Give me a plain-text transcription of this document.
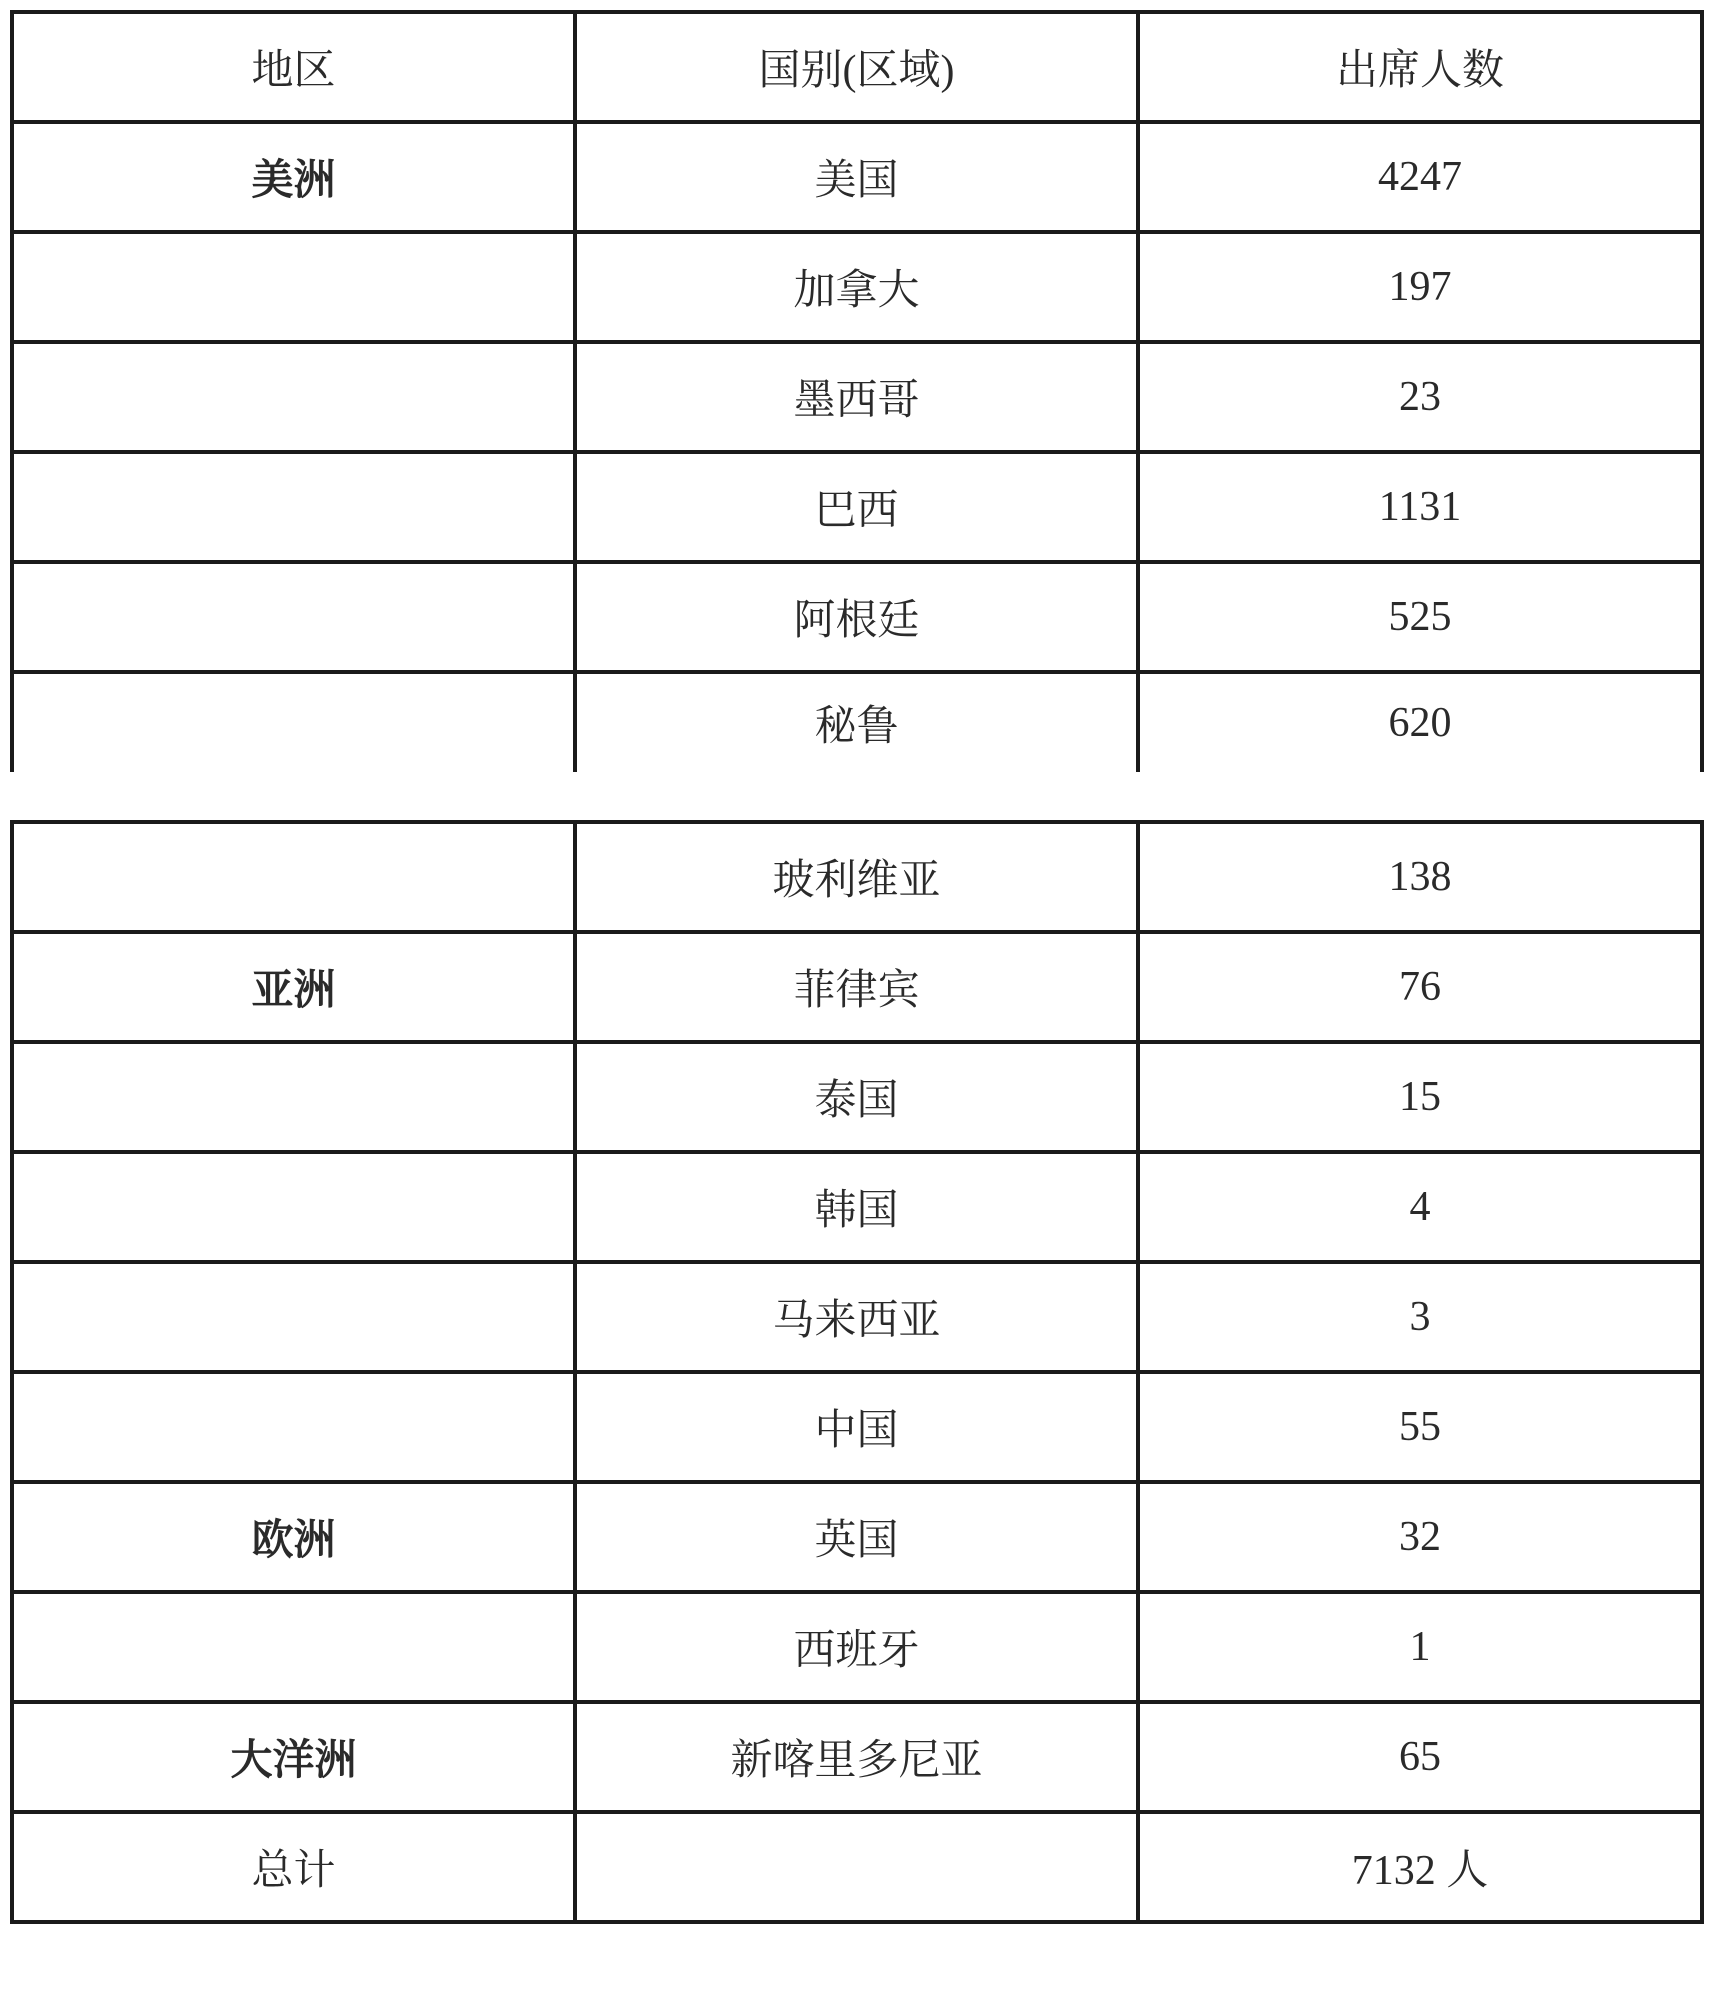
地区	国别(区域)	出席人数
美洲	美国	4247
	加拿大	197
	墨西哥	23
	巴西	1131
	阿根廷	525
	秘鲁	620
	玻利维亚	138
亚洲	菲律宾	76
	泰国	15
	韩国	4
	马来西亚	3
	中国	55
欧洲	英国	32
	西班牙	1
大洋洲	新喀里多尼亚	65
总计		7132 人
